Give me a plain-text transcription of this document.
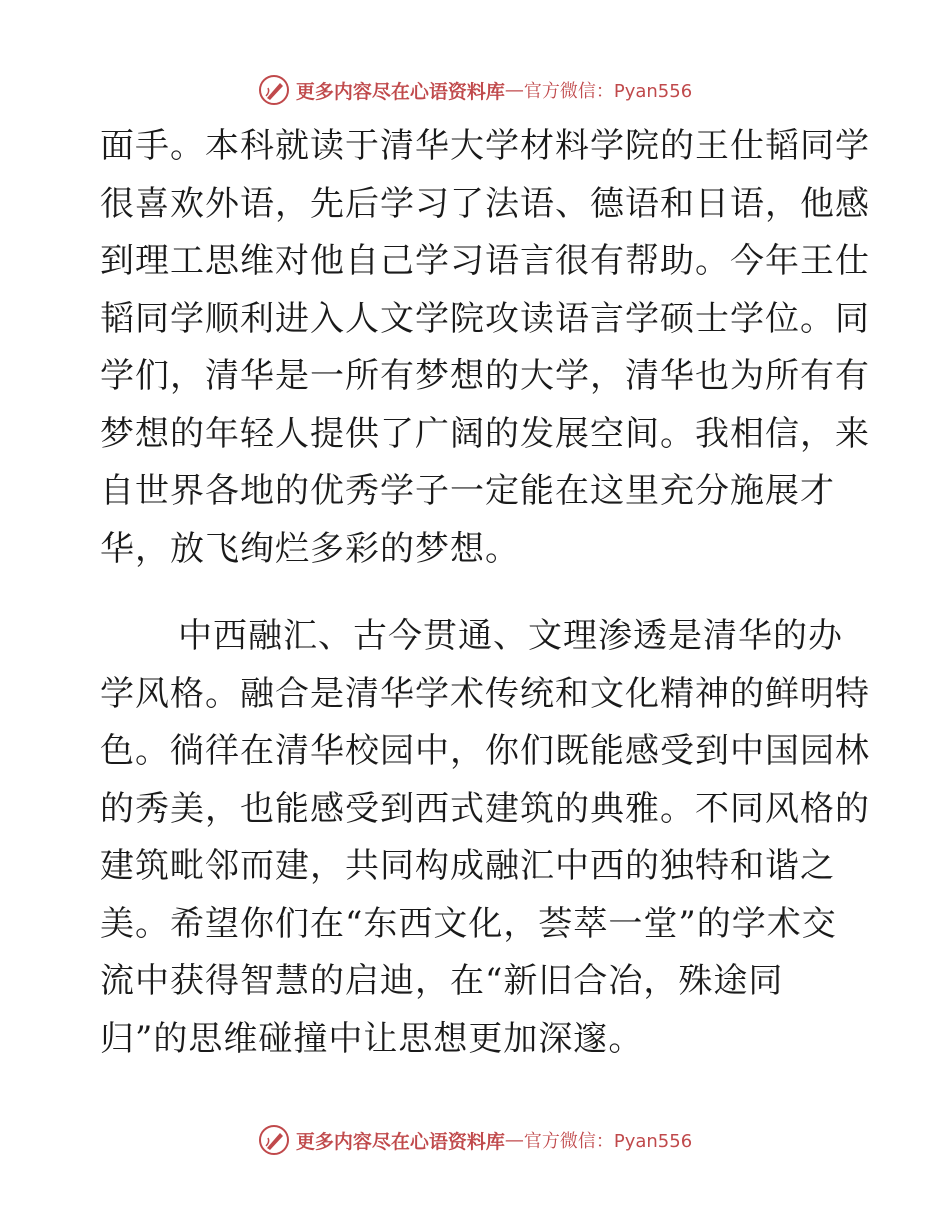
更多内容尽在心语资料库 — 官方微信：Pyan556
面手。本科就读于清华大学材料学院的王仕韬同学
很喜欢外语，先后学习了法语、德语和日语，他感
到理工思维对他自己学习语言很有帮助。今年王仕
韬同学顺利进入人文学院攻读语言学硕士学位。同
学们，清华是一所有梦想的大学，清华也为所有有
梦想的年轻人提供了广阔的发展空间。我相信，来
自世界各地的优秀学子一定能在这里充分施展才
华，放飞绚烂多彩的梦想。
中西融汇、古今贯通、文理渗透是清华的办
学风格。融合是清华学术传统和文化精神的鲜明特
色。徜徉在清华校园中，你们既能感受到中国园林
的秀美，也能感受到西式建筑的典雅。不同风格的
建筑毗邻而建，共同构成融汇中西的独特和谐之
美。希望你们在“东西文化，荟萃一堂”的学术交
流中获得智慧的启迪，在“新旧合冶，殊途同
归”的思维碰撞中让思想更加深邃。
更多内容尽在心语资料库 — 官方微信：Pyan556
